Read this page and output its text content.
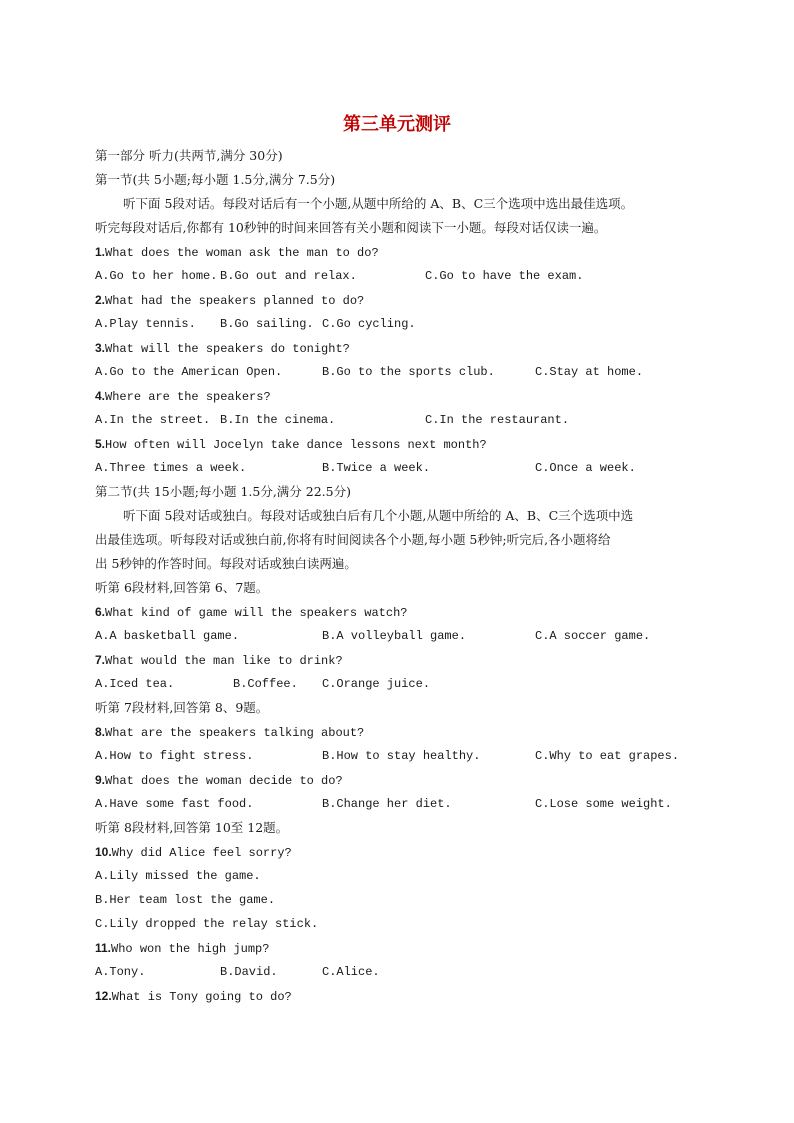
第三单元测评
第一部分 听力(共两节,满分 30分)
第一节(共 5小题;每小题 1.5分,满分 7.5分)
听下面 5段对话。每段对话后有一个小题,从题中所给的 A、B、C三个选项中选出最佳选项。
听完每段对话后,你都有 10秒钟的时间来回答有关小题和阅读下一小题。每段对话仅读一遍。
1.What does the woman ask the man to do?
A.Go to her home. B.Go out and relax.	C.Go to have the exam.
2.What had the speakers planned to do?
A.Play tennis. B.Go sailing. C.Go cycling.
3.What will the speakers do tonight?
A.Go to the American Open.	B.Go to the sports club.	C.Stay at home.
4.Where are the speakers?
A.In the street. B.In the cinema.	C.In the restaurant.
5.How often will Jocelyn take dance lessons next month?
A.Three times a week.	B.Twice a week.	C.Once a week.
第二节(共 15小题;每小题 1.5分,满分 22.5分)
听下面 5段对话或独白。每段对话或独白后有几个小题,从题中所给的 A、B、C三个选项中选
出最佳选项。听每段对话或独白前,你将有时间阅读各个小题,每小题 5秒钟;听完后,各小题将给
出 5秒钟的作答时间。每段对话或独白读两遍。
听第 6段材料,回答第 6、7题。
6.What kind of game will the speakers watch?
A.A basketball game.	B.A volleyball game.	C.A soccer game.
7.What would the man like to drink?
A.Iced tea.	B.Coffee. C.Orange juice.
听第 7段材料,回答第 8、9题。
8.What are the speakers talking about?
A.How to fight stress.	B.How to stay healthy.	C.Why to eat grapes.
9.What does the woman decide to do?
A.Have some fast food.	B.Change her diet.	C.Lose some weight.
听第 8段材料,回答第 10至 12题。
10.Why did Alice feel sorry?
A.Lily missed the game.
B.Her team lost the game.
C.Lily dropped the relay stick.
11.Who won the high jump?
A.Tony.	B.David.	C.Alice.
12.What is Tony going to do?
